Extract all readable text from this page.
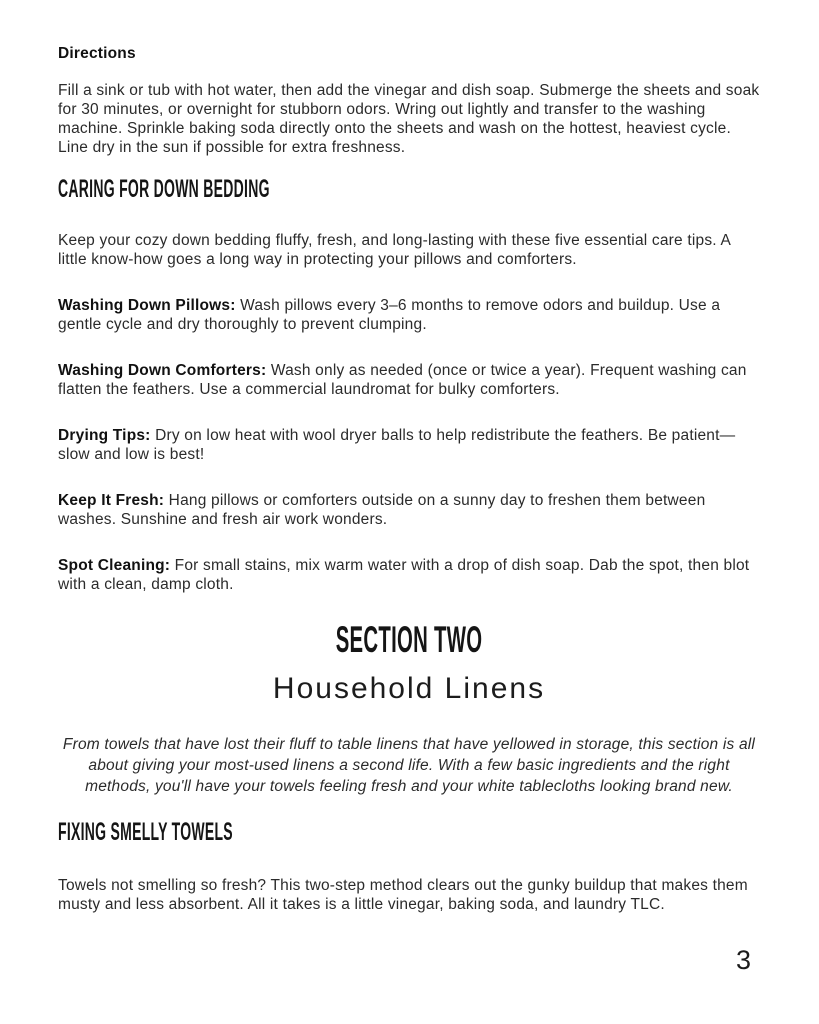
Directions

Fill a sink or tub with hot water, then add the vinegar and dish soap. Submerge the sheets and soak for 30 minutes, or overnight for stubborn odors. Wring out lightly and transfer to the washing machine. Sprinkle baking soda directly onto the sheets and wash on the hottest, heaviest cycle. Line dry in the sun if possible for extra freshness.

CARING FOR DOWN BEDDING

Keep your cozy down bedding fluffy, fresh, and long-lasting with these five essential care tips. A little know-how goes a long way in protecting your pillows and comforters.

Washing Down Pillows: Wash pillows every 3–6 months to remove odors and buildup. Use a gentle cycle and dry thoroughly to prevent clumping.

Washing Down Comforters: Wash only as needed (once or twice a year). Frequent washing can flatten the feathers. Use a commercial laundromat for bulky comforters.

Drying Tips: Dry on low heat with wool dryer balls to help redistribute the feathers. Be patient—slow and low is best!

Keep It Fresh: Hang pillows or comforters outside on a sunny day to freshen them between washes. Sunshine and fresh air work wonders.

Spot Cleaning: For small stains, mix warm water with a drop of dish soap. Dab the spot, then blot with a clean, damp cloth.

SECTION TWO
Household Linens

From towels that have lost their fluff to table linens that have yellowed in storage, this section is all about giving your most-used linens a second life. With a few basic ingredients and the right methods, you'll have your towels feeling fresh and your white tablecloths looking brand new.

FIXING SMELLY TOWELS

Towels not smelling so fresh? This two-step method clears out the gunky buildup that makes them musty and less absorbent. All it takes is a little vinegar, baking soda, and laundry TLC.

3
